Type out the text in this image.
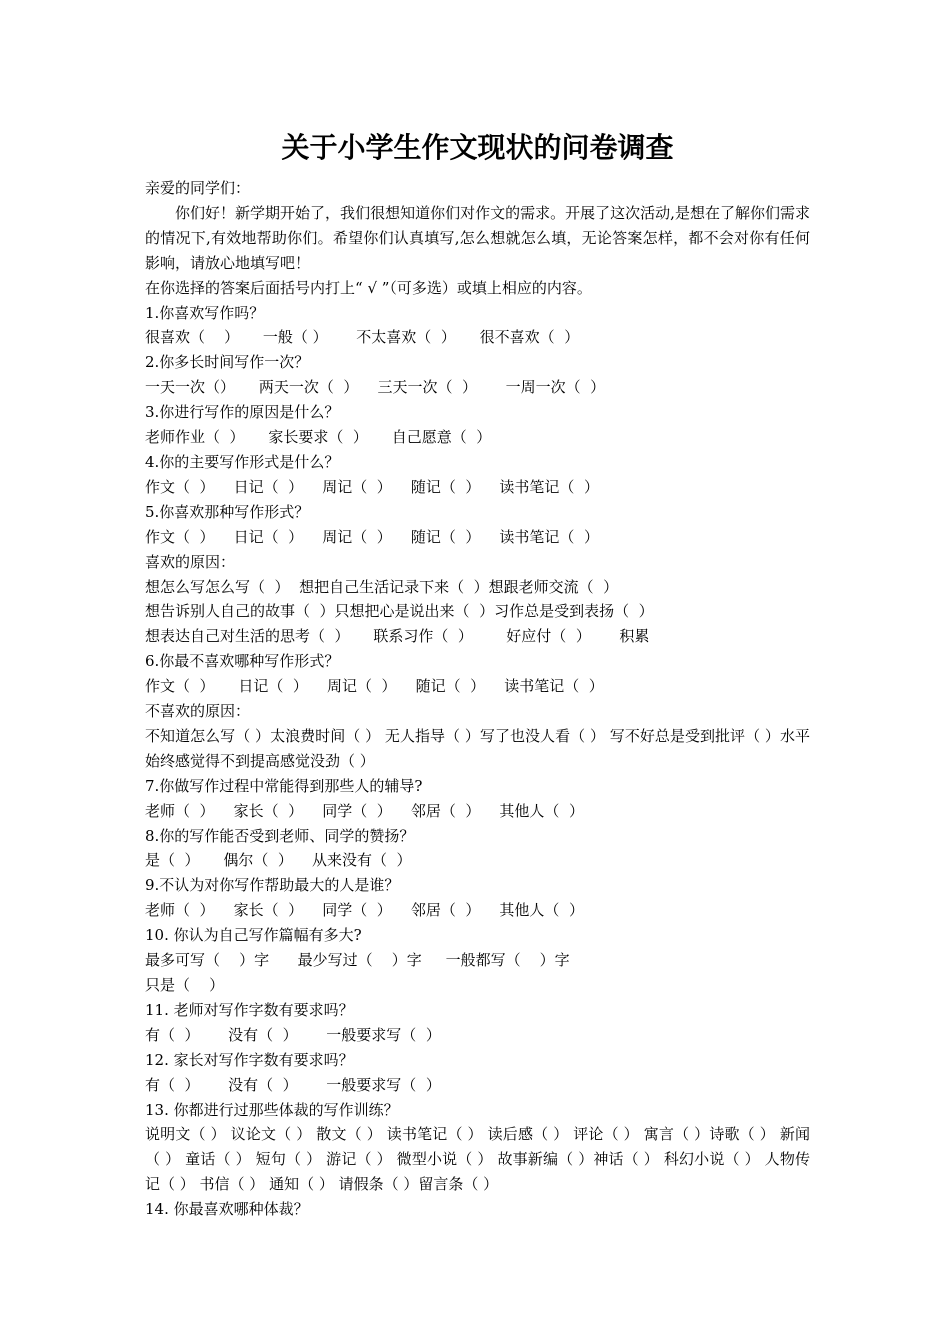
关于小学生作文现状的问卷调查

亲爱的同学们：

你们好！新学期开始了，我们很想知道你们对作文的需求。开展了这次活动,是想在了解你们需求的情况下,有效地帮助你们。希望你们认真填写,怎么想就怎么填，无论答案怎样，都不会对你有任何影响，请放心地填写吧！

在你选择的答案后面括号内打上“ √ ”（可多选）或填上相应的内容。

1.你喜欢写作吗？

很喜欢（    ）     一般（ ）      不太喜欢（  ）     很不喜欢（  ）

2.你多长时间写作一次？

一天一次（）     两天一次（  ）    三天一次（  ）      一周一次（  ）

3.你进行写作的原因是什么？

老师作业（  ）     家长要求（  ）     自己愿意（  ）

4.你的主要写作形式是什么？

作文（  ）    日记（  ）    周记（  ）    随记（  ）    读书笔记（  ）

5.你喜欢那种写作形式？

作文（  ）    日记（  ）    周记（  ）    随记（  ）    读书笔记（  ）

喜欢的原因：

想怎么写怎么写（  ）  想把自己生活记录下来（  ）想跟老师交流（  ）

想告诉别人自己的故事（  ）只想把心是说出来（  ）习作总是受到表扬（  ）

想表达自己对生活的思考（  ）     联系习作（  ）       好应付（  ）      积累

6.你最不喜欢哪种写作形式？

作文（  ）     日记（  ）    周记（  ）    随记（  ）    读书笔记（  ）

不喜欢的原因：

不知道怎么写（ ）太浪费时间（ ） 无人指导（ ）写了也没人看（ ） 写不好总是受到批评（ ）水平始终感觉得不到提高感觉没劲（ ）

7.你做写作过程中常能得到那些人的辅导?

老师（  ）    家长（  ）    同学（  ）    邻居（  ）    其他人（  ）

8.你的写作能否受到老师、同学的赞扬？

是（  ）     偶尔（  ）    从来没有（  ）

9.不认为对你写作帮助最大的人是谁？

老师（  ）    家长（  ）    同学（  ）    邻居（  ）    其他人（  ）

10. 你认为自己写作篇幅有多大?

最多可写（    ）字      最少写过（    ）字     一般都写（    ）字

只是（    ）

11. 老师对写作字数有要求吗？

有（  ）      没有（  ）      一般要求写（  ）

12. 家长对写作字数有要求吗？

有（  ）      没有（  ）      一般要求写（  ）

13. 你都进行过那些体裁的写作训练？

说明文（ ） 议论文（ ） 散文（ ） 读书笔记（ ） 读后感（ ） 评论（ ） 寓言（ ）诗歌（ ） 新闻（ ） 童话（ ） 短句（ ） 游记（ ） 微型小说（ ） 故事新编（ ）神话（ ） 科幻小说（ ） 人物传记（ ） 书信（ ） 通知（ ） 请假条（ ）留言条（ ）

14. 你最喜欢哪种体裁？
